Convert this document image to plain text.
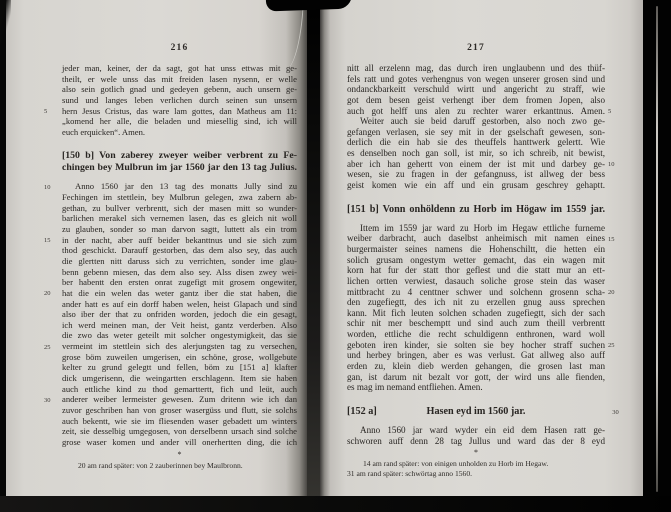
216
jeder man, keiner, der da sagt, got hat unss ettwas mit ge-
theilt, er wele unss das mit freiden lasen nysenn, er welle
also sein gotlich gnad und gedeyen gebenn, auch unsern ge-
sund und langes leben verlichen durch seinen sun unsern
hern Jesus Cristus, das ware lam gottes, dan Matheus am 11:
5
„komend her alle, die beladen und miesellig sind, ich will
euch erquicken“. Amen.
[150 b] Von zaberey zweyer weiber verbrent zu Fe-
chingen bey Mulbrun im jar 1560 jar den 13 tag Julius.
Anno 1560 jar den 13 tag des monatts Jully sind zu
10
Fechingen im stettlein, bey Mulbrun gelegen, zwa zabern ab-
gethan, zu bullver verbrentt, sich der masen mitt so wunder-
barlichen merakel sich vernemen lasen, das es gleich nit woll
zu glauben, sonder so man darvon sagtt, luttett als ein trom
in der nacht, aber auff beider bekanttnus und sie sich zum
15
thod geschickt. Darauff gestorben, das dem also sey, das auch
die glertten nitt daruss sich zu verrichten, sonder ime glau-
benn gebenn miesen, das dem also sey. Alss disen zwey wei-
ber habentt den ersten onrat zugefigt mit grosem ongewiter,
hat die ein welen das weter gantz iber die stat haben, die
20
ander hatt es auf ein dorff haben welen, heist Glapach und sind
also iber der that zu onfriden worden, jedoch die ein gesagt,
ich werd meinen man, der Veit heist, gantz verderben. Also
die zwo das weter geteilt mit solcher ongestymigkeit, das sie
vermeint im stettlein sich des alerjungsten tag zu versechen,
25
grose böm zuweilen umgerisen, ein schöne, grose, wollgebute
kelter zu grund gelegtt und fellen, böm zu [151 a] klafter
dick umgerisenn, die weingartten erschlagenn. Item sie haben
auch ettliche kind zu thod gemarttertt, fich und leüt, auch
anderer weiber lermeister gewesen. Zum dritenn wie ich dan
30
zuvor geschriben han von groser wasergüss und flutt, sie solchs
auch bekentt, wie sie im fliesenden waser gebadett um winters
zeit, sie desselbig umgegosen, von derselbenn ursach sind solche
grose waser komen und ander vill onerhertten ding, die ich
*
20 am rand später: von 2 zauberinnen bey Maulbronn.
217
nitt all erzelenn mag, das durch iren unglaubenn und des thüf-
fels ratt und gotes verhengnus von wegen unserer grosen sind und
ondanckbarkeitt verschuld wirtt und angericht zu straff, wie
got dem besen geist verhengt iber dem fromen Jopen, also
auch got helff uns alen zu rechter warer erkanttnus. Amen. 5
Weiter auch sie beid daruff gestorben, also noch zwo ge-
gefangen verlasen, sie sey mit in der gselschaft gewesen, son-
derlich die ein hab sie des theuffels hanttwerk gelertt. Wie
es denselben noch gan soll, ist mir, so ich schreib, nit bewist,
aber ich han gehertt von einem der ist mit und darbey ge- 10
wesen, sie zu fragen in der gefangnuss, ist allweg der bess
geist komen wie ein aff und ein grusam geschrey gehaptt.
[151 b] Vonn onhöldenn zu Horb im Högaw im 1559 jar.
Ittem im 1559 jar ward zu Horb im Hegaw ettliche furneme
weiber darbracht, auch daselbst anheimisch mit namen eines 15
burgermaister seines namens die Hohenschiltt, die hetten ein
solich grusam ongestym wetter gemacht, das ein wagen mit
korn hat fur der statt thor geflest und die statt mur an ett-
lichen ortten verwiest, dasauch soliche grose stein das waser
mittbracht zu 4 centtner schwer und solchenn grosenn scha- 20
den zugefiegtt, des ich nit zu erzellen gnug auss sprechen
kann. Mit fich leuten solchen schaden zugefiegtt, sich der sach
schir nit mer beschemptt und sind auch zum theill verbrentt
worden, ettliche die recht schuldigenn enthronen, ward woll
geboten iren kinder, sie solten sie bey hocher straff suchen 25
und herbey bringen, aber es was verlust. Gat allweg also auff
erden zu, klein dieb werden gehangen, die grosen last man
gan, ist darum nit bezalt vor gott, der wird uns alle fienden,
es mag im nemand entfliehen. Amen.
[152 a]	Hasen eyd im 1560 jar.	30
Anno 1560 jar ward wyder ein eid dem Hasen ratt ge-
schworen auff denn 28 tag Jullus und ward das der 8 eyd
*
14 am rand später: von einigen unholden zu Horb im Hegaw.
31 am rand später: schwörtag anno 1560.
